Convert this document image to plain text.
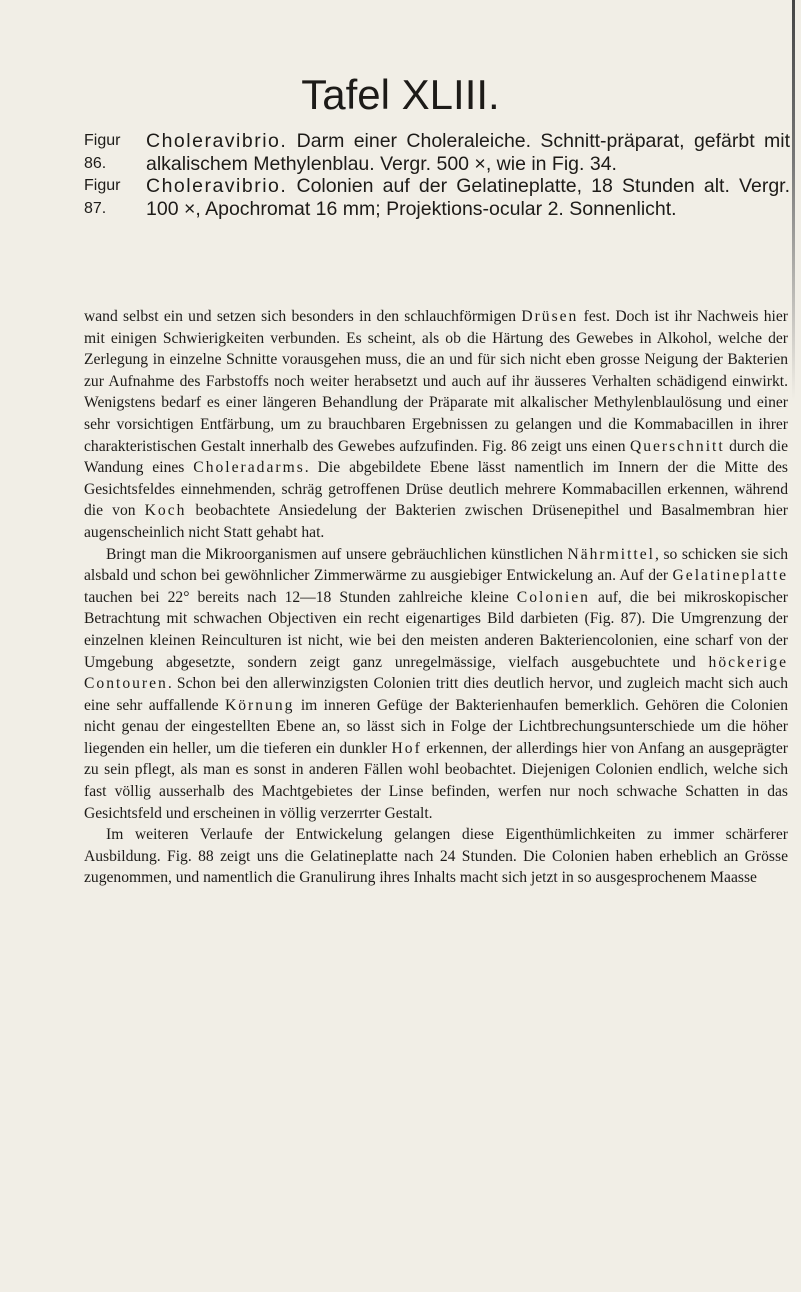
Tafel XLIII.
Figur 86.
Choleravibrio. Darm einer Choleraleiche. Schnitt-präparat, gefärbt mit alkalischem Methylenblau. Vergr. 500 ×, wie in Fig. 34.
Figur 87.
Choleravibrio. Colonien auf der Gelatineplatte, 18 Stunden alt. Vergr. 100 ×, Apochromat 16 mm; Projektions-ocular 2. Sonnenlicht.

wand selbst ein und setzen sich besonders in den schlauchförmigen Drüsen fest. Doch ist ihr Nachweis hier mit einigen Schwierigkeiten verbunden. Es scheint, als ob die Härtung des Gewebes in Alkohol, welche der Zerlegung in einzelne Schnitte vorausgehen muss, die an und für sich nicht eben grosse Neigung der Bakterien zur Aufnahme des Farbstoffs noch weiter herabsetzt und auch auf ihr äusseres Verhalten schädigend einwirkt. Wenigstens bedarf es einer längeren Behandlung der Präparate mit alkalischer Methylenblaulösung und einer sehr vorsichtigen Entfärbung, um zu brauchbaren Ergebnissen zu gelangen und die Kommabacillen in ihrer charakteristischen Gestalt innerhalb des Gewebes aufzufinden. Fig. 86 zeigt uns einen Querschnitt durch die Wandung eines Choleradarms. Die abgebildete Ebene lässt namentlich im Innern der die Mitte des Gesichtsfeldes einnehmenden, schräg getroffenen Drüse deutlich mehrere Kommabacillen erkennen, während die von Koch beobachtete Ansiedelung der Bakterien zwischen Drüsenepithel und Basalmembran hier augenscheinlich nicht Statt gehabt hat.

Bringt man die Mikroorganismen auf unsere gebräuchlichen künstlichen Nährmittel, so schicken sie sich alsbald und schon bei gewöhnlicher Zimmerwärme zu ausgiebiger Entwickelung an. Auf der Gelatineplatte tauchen bei 22° bereits nach 12—18 Stunden zahlreiche kleine Colonien auf, die bei mikroskopischer Betrachtung mit schwachen Objectiven ein recht eigenartiges Bild darbieten (Fig. 87). Die Umgrenzung der einzelnen kleinen Reinculturen ist nicht, wie bei den meisten anderen Bakteriencolonien, eine scharf von der Umgebung abgesetzte, sondern zeigt ganz unregelmässige, vielfach ausgebuchtete und höckerige Contouren. Schon bei den allerwinzigsten Colonien tritt dies deutlich hervor, und zugleich macht sich auch eine sehr auffallende Körnung im inneren Gefüge der Bakterienhaufen bemerklich. Gehören die Colonien nicht genau der eingestellten Ebene an, so lässt sich in Folge der Lichtbrechungsunterschiede um die höher liegenden ein heller, um die tieferen ein dunkler Hof erkennen, der allerdings hier von Anfang an ausgeprägter zu sein pflegt, als man es sonst in anderen Fällen wohl beobachtet. Diejenigen Colonien endlich, welche sich fast völlig ausserhalb des Machtgebietes der Linse befinden, werfen nur noch schwache Schatten in das Gesichtsfeld und erscheinen in völlig verzerrter Gestalt.

Im weiteren Verlaufe der Entwickelung gelangen diese Eigenthümlichkeiten zu immer schärferer Ausbildung. Fig. 88 zeigt uns die Gelatineplatte nach 24 Stunden. Die Colonien haben erheblich an Grösse zugenommen, und namentlich die Granulirung ihres Inhalts macht sich jetzt in so ausgesprochenem Maasse
